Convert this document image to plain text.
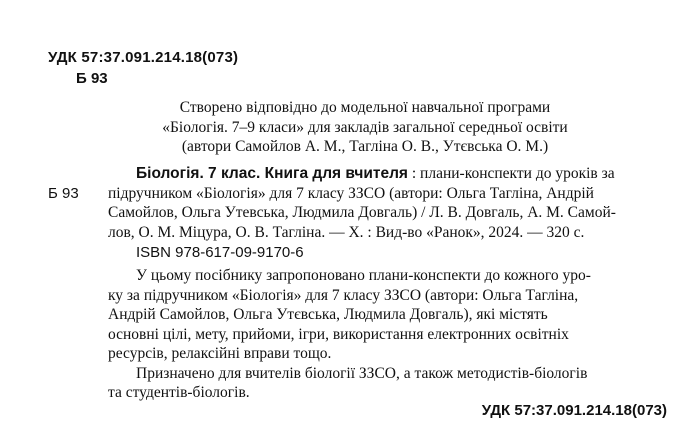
УДК 57:37.091.214.18(073)
Б 93
Створено відповідно до модельної навчальної програми
«Біологія. 7–9 класи» для закладів загальної середньої освіти
(автори Самойлов А. М., Тагліна О. В., Утєвська О. М.)
Б 93
Біологія. 7 клас. Книга для вчителя : плани-конспекти до уроків за
підручником «Біологія» для 7 класу ЗЗСО (автори: Ольга Тагліна, Андрій
Самойлов, Ольга Утевська, Людмила Довгаль) / Л. В. Довгаль, А. М. Самой-
лов, О. М. Міцура, О. В. Тагліна. — Х. : Вид-во «Ранок», 2024. — 320 с.
ISBN 978-617-09-9170-6
У цьому посібнику запропоновано плани-конспекти до кожного уро-
ку за підручником «Біологія» для 7 класу ЗЗСО (автори: Ольга Тагліна,
Андрій Самойлов, Ольга Утєвська, Людмила Довгаль), які містять
основні цілі, мету, прийоми, ігри, використання електронних освітніх
ресурсів, релаксійні вправи тощо.
Призначено для вчителів біології ЗЗСО, а також методистів-біологів
та студентів-біологів.
УДК 57:37.091.214.18(073)
